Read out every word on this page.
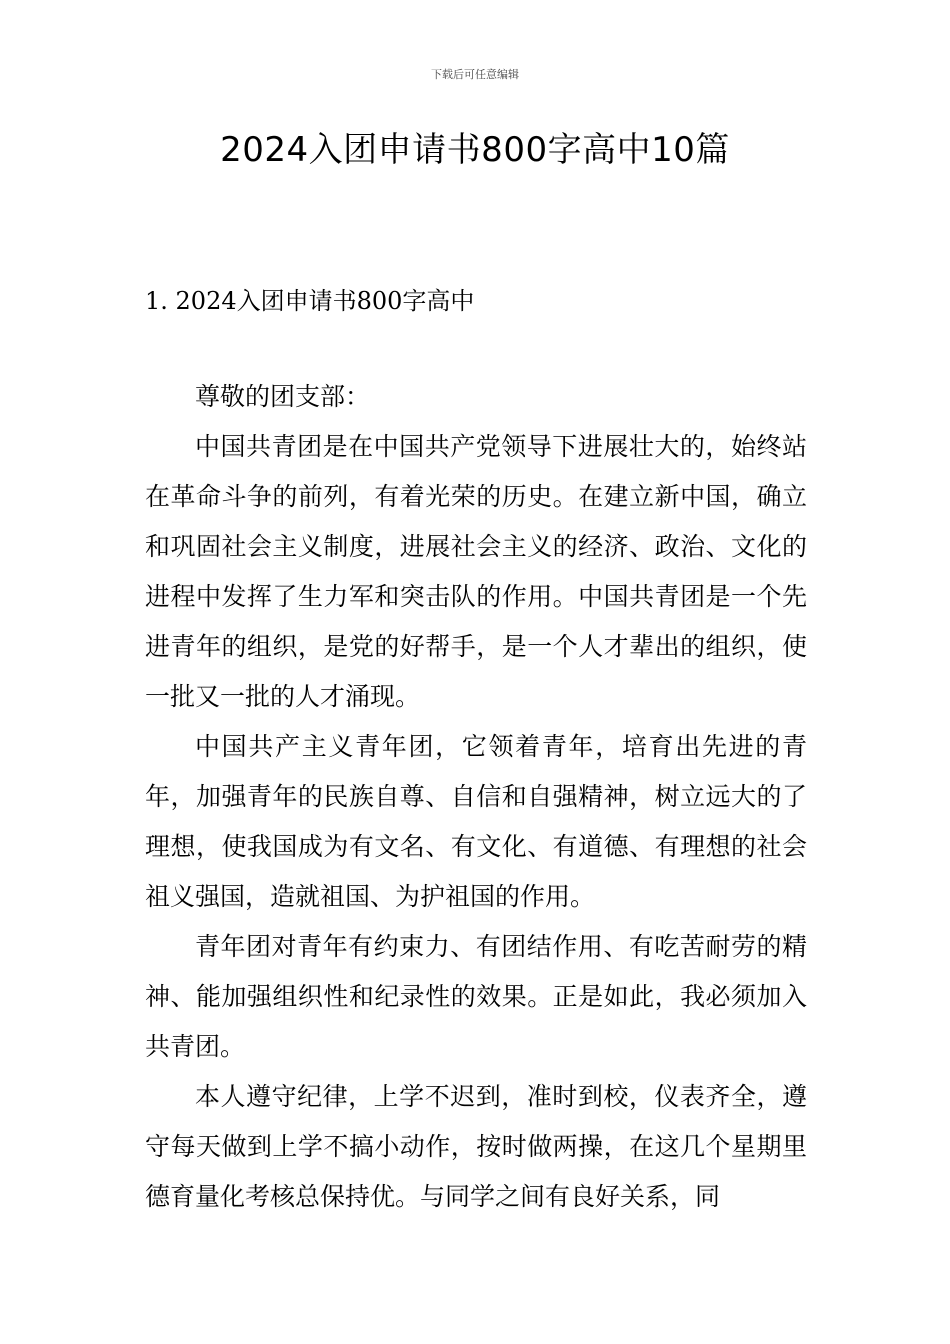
下载后可任意编辑
2024入团申请书800字高中10篇
1. 2024入团申请书800字高中

尊敬的团支部：

中国共青团是在中国共产党领导下进展壮大的，始终站在革命斗争的前列，有着光荣的历史。在建立新中国，确立和巩固社会主义制度，进展社会主义的经济、政治、文化的进程中发挥了生力军和突击队的作用。中国共青团是一个先进青年的组织，是党的好帮手，是一个人才辈出的组织，使一批又一批的人才涌现。

中国共产主义青年团，它领着青年，培育出先进的青年，加强青年的民族自尊、自信和自强精神，树立远大的了理想，使我国成为有文名、有文化、有道德、有理想的社会祖义强国，造就祖国、为护祖国的作用。

青年团对青年有约束力、有团结作用、有吃苦耐劳的精神、能加强组织性和纪录性的效果。正是如此，我必须加入共青团。

本人遵守纪律，上学不迟到，准时到校，仪表齐全，遵守每天做到上学不搞小动作，按时做两操，在这几个星期里德育量化考核总保持优。与同学之间有良好关系，同
